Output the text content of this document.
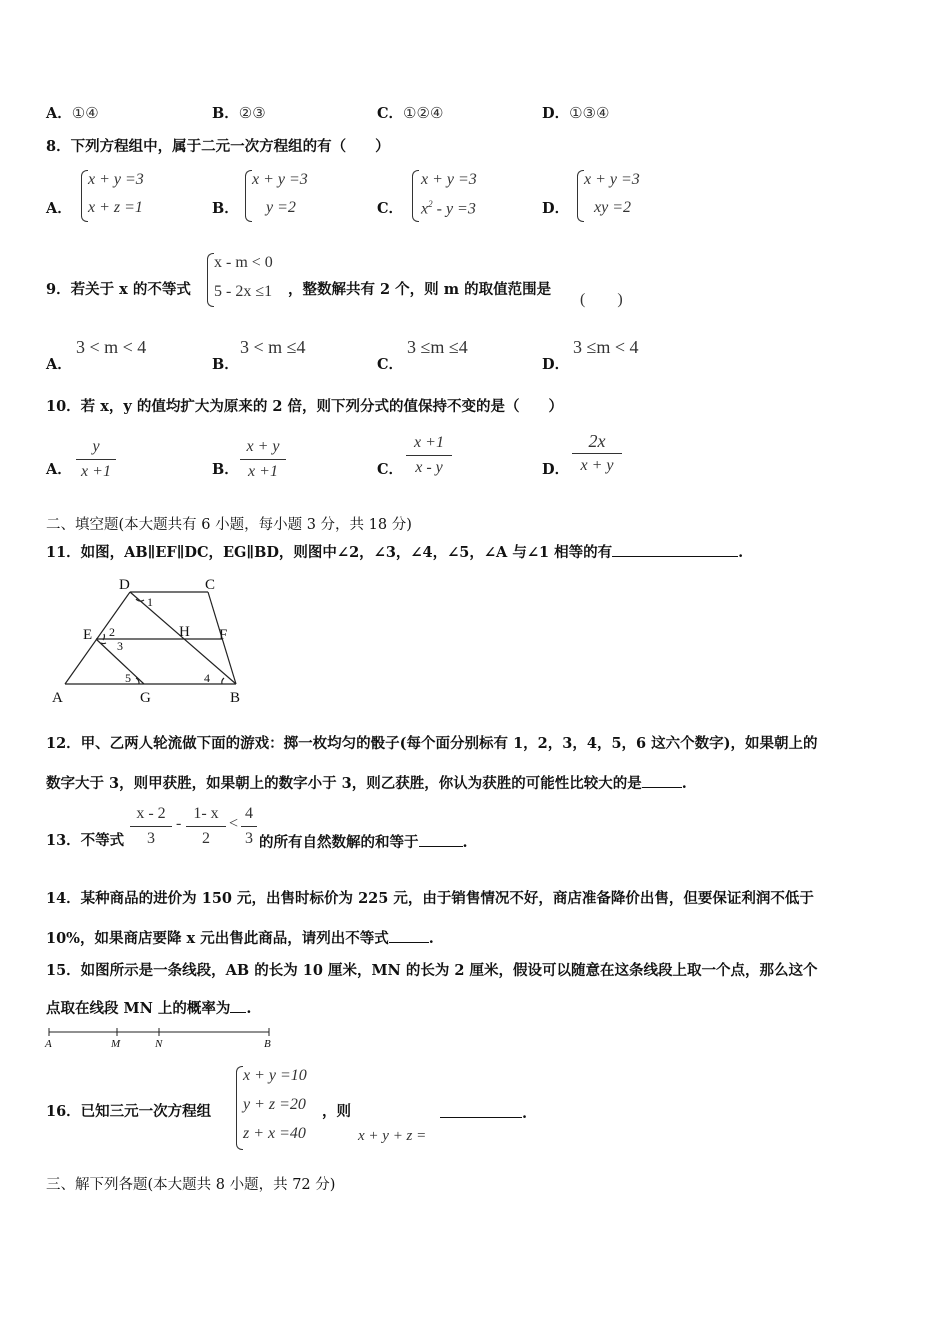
A．①④	B．②③	C．①②④	D．①③④
8．下列方程组中，属于二元一次方程组的有（　　）
A．
x + y =3
x + z =1	B．
x + y =3
y =2	C．
x + y =3
$x^2 - y =3$	D．
x + y =3
xy =2
9．若关于 x 的不等式
x - m < 0
5 - 2x ≤1 ，整数解共有 2 个，则 m 的取值范围是
(　　)
A．
3 < m < 4
B．
3 < m ≤4
C．
3 ≤m ≤4
D．
3 ≤m < 4
10．若 x，y 的值均扩大为原来的 2 倍，则下列分式的值保持不变的是（　　）
A．
y
x +1	B．
x + y
x +1	C．
x +1
x - y	D．
2x
x + y
二、填空题(本大题共有 6 小题，每小题 3 分，共 18 分)
11．如图，AB∥EF∥DC，EG∥BD，则图中∠2，∠3，∠4，∠5，∠A 与∠1 相等的有	.
D	C
E	F
H
A	G	B
1
2
3
5	4
12．甲、乙两人轮流做下面的游戏：掷一枚均匀的骰子(每个面分别标有 1，2，3，4，5，6 这六个数字)，如果朝上的
数字大于 3，则甲获胜，如果朝上的数字小于 3，则乙获胜，你认为获胜的可能性比较大的是	.
13．不等式
x - 2
3
-
1- x
2
<
4
3 的所有自然数解的和等于	.
14．某种商品的进价为 150 元，出售时标价为 225 元，由于销售情况不好，商店准备降价出售，但要保证利润不低于
10%，如果商店要降 x 元出售此商品，请列出不等式	.
15．如图所示是一条线段，AB 的长为 10 厘米，MN 的长为 2 厘米，假设可以随意在这条线段上取一个点，那么这个
点取在线段 MN 上的概率为 .
A	M	N	B
16．已知三元一次方程组
x + y =10
y + z =20
z + x =40
，则
x + y + z =
.
三、解下列各题(本大题共 8 小题，共 72 分)
